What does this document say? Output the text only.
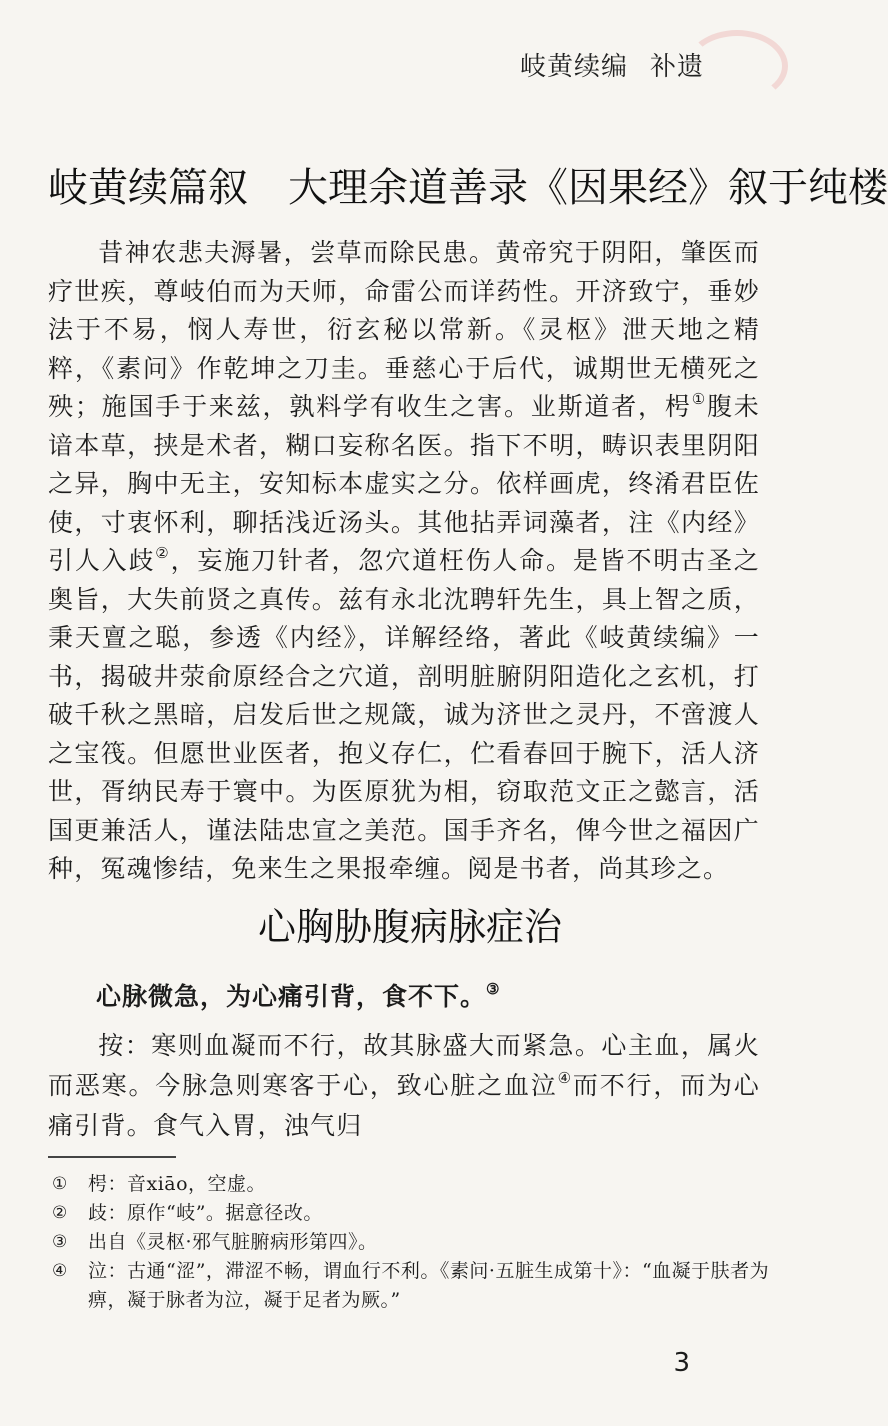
岐黄续编 补遗
岐黄续篇叙　大理余道善录《因果经》叙于纯楼

昔神农悲夫溽暑，尝草而除民患。黄帝究于阴阳，肇医而疗世疾，尊岐伯而为天师，命雷公而详药性。开济致宁，垂妙法于不易，悯人寿世，衍玄秘以常新。《灵枢》泄天地之精粹，《素问》作乾坤之刀圭。垂慈心于后代，诚期世无横死之殃；施国手于来兹，孰料学有收生之害。业斯道者，枵①腹未谙本草，挟是术者，糊口妄称名医。指下不明，畴识表里阴阳之异，胸中无主，安知标本虚实之分。依样画虎，终淆君臣佐使，寸衷怀利，聊括浅近汤头。其他拈弄词藻者，注《内经》引人入歧②，妄施刀针者，忽穴道枉伤人命。是皆不明古圣之奥旨，大失前贤之真传。兹有永北沈聘轩先生，具上智之质，秉天亶之聪，参透《内经》，详解经络，著此《岐黄续编》一书，揭破井荥俞原经合之穴道，剖明脏腑阴阳造化之玄机，打破千秋之黑暗，启发后世之规箴，诚为济世之灵丹，不啻渡人之宝筏。但愿世业医者，抱义存仁，伫看春回于腕下，活人济世，胥纳民寿于寰中。为医原犹为相，窃取范文正之懿言，活国更兼活人，谨法陆忠宣之美范。国手齐名，俾今世之福因广种，冤魂惨结，免来生之果报牵缠。阅是书者，尚其珍之。

心胸胁腹病脉症治
心脉微急，为心痛引背，食不下。③

按：寒则血凝而不行，故其脉盛大而紧急。心主血，属火而恶寒。今脉急则寒客于心，致心脏之血泣④而不行，而为心痛引背。食气入胃，浊气归

①	枵：音xiāo，空虚。
②	歧：原作“岐”。据意径改。
③	出自《灵枢·邪气脏腑病形第四》。
④	泣：古通“涩”，滞涩不畅，谓血行不利。《素问·五脏生成第十》：“血凝于肤者为痹，凝于脉者为泣，凝于足者为厥。”
3
